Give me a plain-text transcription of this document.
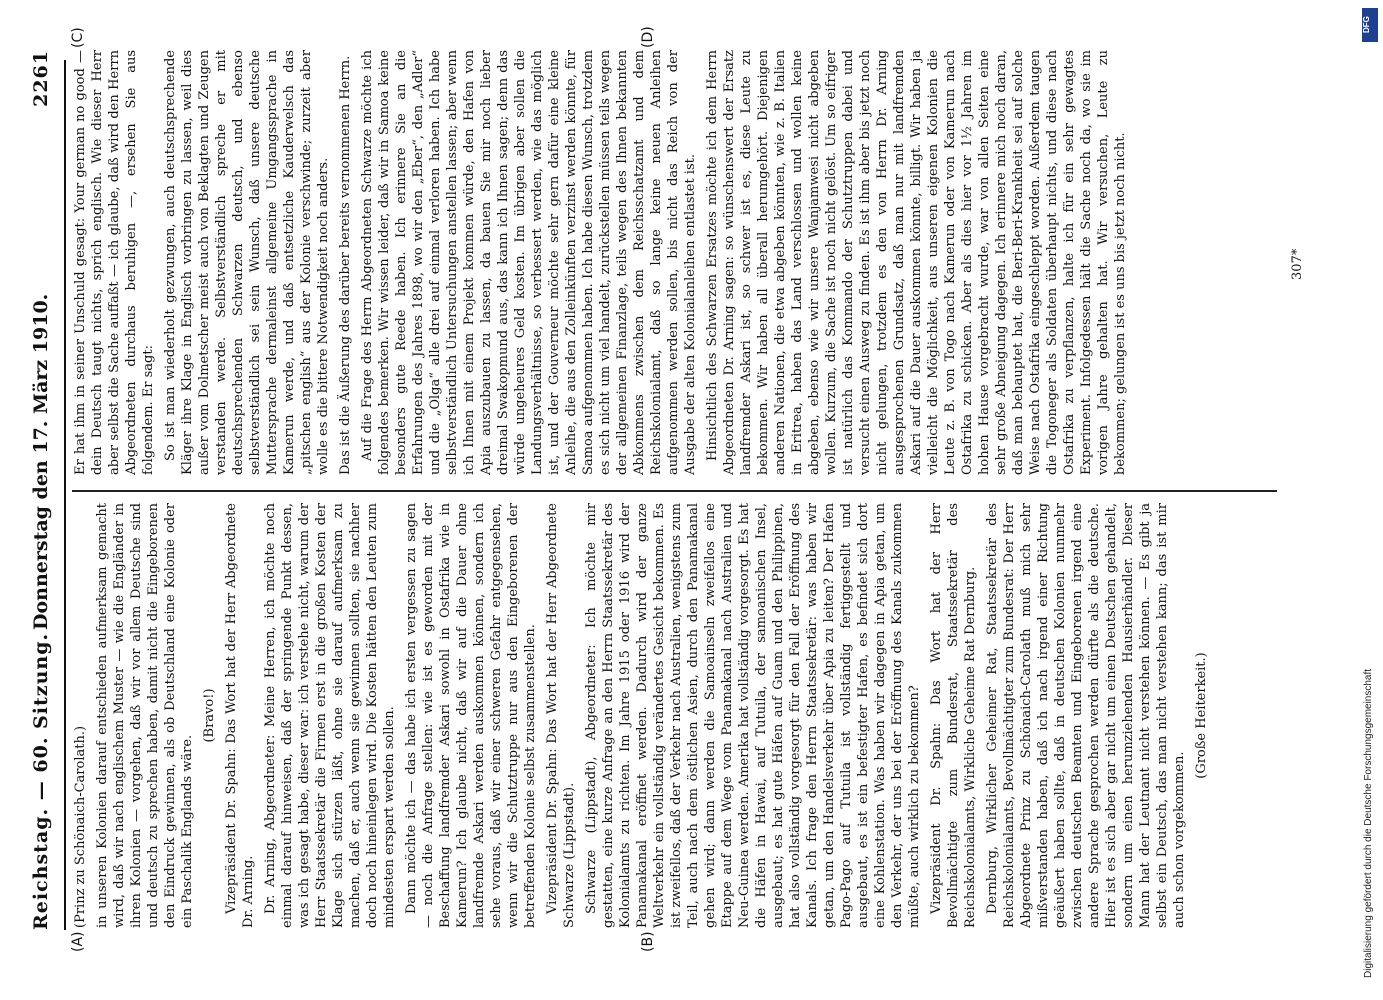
Reichstag. — 60. Sitzung.
2261
Donnerstag den 17. März 1910.
(A)	(B)
(C)	(D)

(Prinz zu Schönaich-Carolath.) in unseren Kolonien darauf entschieden aufmerksam gemacht wird, daß wir nach englischem Muster — wie die Engländer in ihren Kolonien — vorgehen, daß wir vor allem Deutsche sind und deutsch zu sprechen haben, damit nicht die Eingeborenen den Eindruck gewinnen, als ob Deutschland eine Kolonie oder ein Paschalik Englands wäre.

(Bravo!) Vizepräsident Dr. Spahn: Das Wort hat der Herr Abgeordnete Dr. Arning. Dr. Arning, Abgeordneter: Meine Herren, ich möchte noch einmal darauf hinweisen, daß der springende Punkt dessen, was ich gesagt habe, dieser war: ich verstehe nicht, warum der Herr Staatssekretär die Firmen erst in die großen Kosten der Klage sich stürzen läßt, ohne sie darauf aufmerksam zu machen, daß er, auch wenn sie gewinnen sollten, sie nachher doch noch hineinlegen wird. Die Kosten hätten den Leuten zum mindesten erspart werden sollen. Dann möchte ich — das habe ich ersten vergessen zu sagen — noch die Anfrage stellen: wie ist es geworden mit der Beschaffung landfremder Askari sowohl in Ostafrika wie in Kamerun? Ich glaube nicht, daß wir auf die Dauer ohne landfremde Askari werden auskommen können, sondern ich sehe voraus, daß wir einer schweren Gefahr entgegensehen, wenn wir die Schutztruppe nur aus den Eingeborenen der betreffenden Kolonie selbst zusammenstellen. Vizepräsident Dr. Spahn: Das Wort hat der Herr Abgeordnete Schwarze (Lippstadt). Schwarze (Lippstadt), Abgeordneter: Ich möchte mir gestatten, eine kurze Anfrage an den Herrn Staatssekretär des Kolonialamts zu richten. Im Jahre 1915 oder 1916 wird der Panamakanal eröffnet werden. Dadurch wird der ganze Weltverkehr ein vollständig verändertes Gesicht bekommen. Es ist zweifellos, daß der Verkehr nach Australien, wenigstens zum Teil, auch nach dem östlichen Asien, durch den Panamakanal gehen wird; dann werden die Samoainseln zweifellos eine Etappe auf dem Wege vom Panamakanal nach Australien und Neu-Guinea werden. Amerika hat vollständig vorgesorgt. Es hat die Häfen in Hawai, auf Tutuila, der samoanischen Insel, ausgebaut; es hat gute Häfen auf Guam und den Philippinen, hat also vollständig vorgesorgt für den Fall der Eröffnung des Kanals. Ich frage den Herrn Staatssekretär: was haben wir getan, um den Handelsverkehr über Apia zu leiten? Der Hafen Pago-Pago auf Tutuila ist vollständig fertiggestellt und ausgebaut, es ist ein befestigter Hafen, es befindet sich dort eine Kohlenstation. Was haben wir dagegen in Apia getan, um den Verkehr, der uns bei der Eröffnung des Kanals zukommen müßte, auch wirklich zu bekommen? Vizepräsident Dr. Spahn: Das Wort hat der Herr Bevollmächtigte zum Bundesrat, Staatssekretär des Reichskolonialamts, Wirkliche Geheime Rat Dernburg. Dernburg, Wirklicher Geheimer Rat, Staatssekretär des Reichskolonialamts, Bevollmächtigter zum Bundesrat: Der Herr Abgeordnete Prinz zu Schönaich-Carolath muß mich sehr mißverstanden haben, daß ich nach irgend einer Richtung geäußert haben sollte, daß in deutschen Kolonien nunmehr zwischen deutschen Beamten und Eingeborenen irgend eine andere Sprache gesprochen werden dürfte als die deutsche. Hier ist es sich aber gar nicht um einen Deutschen gehandelt, sondern um einen herumziehenden Hausierhändler. Dieser Mann hat der Leutnant nicht verstehen können. — Es gibt ja selbst ein Deutsch, das man nicht verstehen kann; das ist mir auch schon vorgekommen.

(Große Heiterkeit.)

Er hat ihm in seiner Unschuld gesagt: Your german no good — dein Deutsch taugt nichts, sprich englisch. Wie dieser Herr aber selbst die Sache auffaßt — ich glaube, daß wird den Herrn Abgeordneten durchaus beruhigen —, ersehen Sie aus folgendem. Er sagt: So ist man wiederholt gezwungen, auch deutschsprechende Kläger ihre Klage in Englisch vorbringen zu lassen, weil dies außer vom Dolmetscher meist auch von Beklagten und Zeugen verstanden werde. Selbstverständlich spreche er mit deutschsprechenden Schwarzen deutsch, und ebenso selbstverständlich sei sein Wunsch, daß unsere deutsche Muttersprache dermaleinst allgemeine Umgangssprache in Kamerun werde, und daß entsetzliche Kauderwelsch das „pitschen english“ aus der Kolonie verschwinde; zurzeit aber wolle es die bittere Notwendigkeit noch anders. Das ist die Äußerung des darüber bereits vernommenen Herrn. Auf die Frage des Herrn Abgeordneten Schwarze möchte ich folgendes bemerken. Wir wissen leider, daß wir in Samoa keine besonders gute Reede haben. Ich erinnere Sie an die Erfahrungen des Jahres 1898, wo wir den „Eber“, den „Adler“ und die „Olga“ alle drei auf einmal verloren haben. Ich habe selbstverständlich Untersuchungen anstellen lassen; aber wenn ich Ihnen mit einem Projekt kommen würde, den Hafen von Apia auszubauen zu lassen, da bauen Sie mir noch lieber dreimal Swakopmund aus, das kann ich Ihnen sagen; denn das würde ungeheures Geld kosten. Im übrigen aber sollen die Landungsverhältnisse, so verbessert werden, wie das möglich ist, und der Gouverneur möchte sehr gern dafür eine kleine Anleihe, die aus den Zolleinkünften verzinst werden könnte, für Samoa aufgenommen haben. Ich habe diesen Wunsch, trotzdem es sich nicht um viel handelt, zurückstellen müssen teils wegen der allgemeinen Finanzlage, teils wegen des Ihnen bekannten Abkommens zwischen dem Reichsschatzamt und dem Reichskolonialamt, daß so lange keine neuen Anleihen aufgenommen werden sollen, bis nicht das Reich von der Ausgabe der alten Kolonialanleihen entlastet ist. Hinsichtlich des Schwarzen Ersatzes möchte ich dem Herrn Abgeordneten Dr. Arning sagen: so wünschenswert der Ersatz landfremder Askari ist, so schwer ist es, diese Leute zu bekommen. Wir haben all überall herumgehört. Diejenigen anderen Nationen, die etwa abgeben könnten, wie z. B. Italien in Eritrea, haben das Land verschlossen und wollen keine abgeben, ebenso wie wir unsere Wanjamwesi nicht abgeben wollen. Kurzum, die Sache ist noch nicht gelöst. Um so eifriger ist natürlich das Kommando der Schutztruppen dabei und versucht einen Ausweg zu finden. Es ist ihm aber bis jetzt noch nicht gelungen, trotzdem es den von Herrn Dr. Arning ausgesprochenen Grundsatz, daß man nur mit landfremden Askari auf die Dauer auskommen könnte, billigt. Wir haben ja vielleicht die Möglichkeit, aus unseren eigenen Kolonien die Leute z. B. von Togo nach Kamerun oder von Kamerun nach Ostafrika zu schicken. Aber als dies hier vor 1½ Jahren im hohen Hause vorgebracht wurde, war von allen Seiten eine sehr große Abneigung dagegen. Ich erinnere mich noch daran, daß man behauptet hat, die Beri-Beri-Krankheit sei auf solche Weise nach Ostafrika eingeschleppt worden. Außerdem taugen die Togoneger als Soldaten überhaupt nichts, und diese nach Ostafrika zu verpflanzen, halte ich für ein sehr gewagtes Experiment. Infolgedessen hält die Sache noch da, wo sie im vorigen Jahre gehalten hat. Wir versuchen, Leute zu bekommen; gelungen ist es uns bis jetzt noch nicht.	307*
DFG
Digitalisierung gefördert durch die Deutsche Forschungsgemeinschaft
